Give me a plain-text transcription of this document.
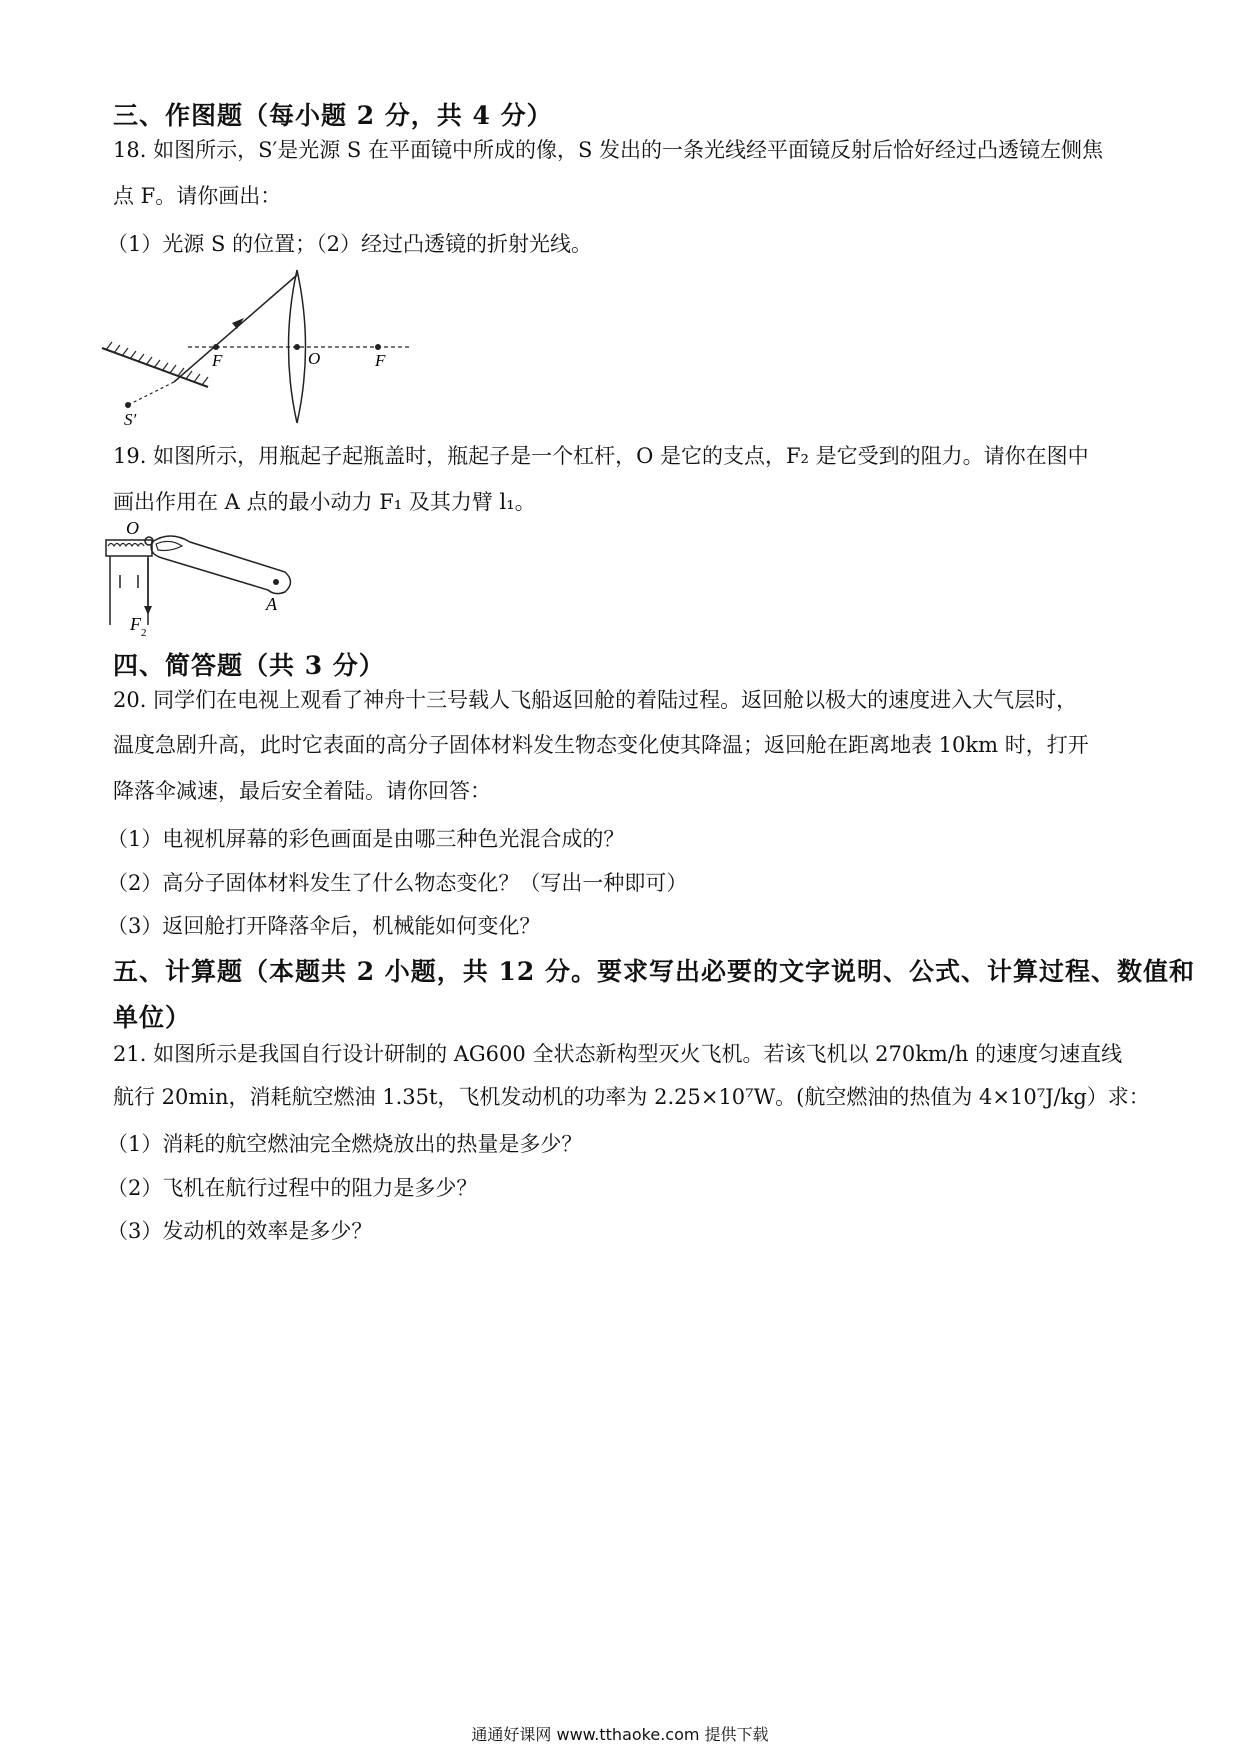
三、作图题（每小题 2 分，共 4 分）
18. 如图所示，S′是光源 S 在平面镜中所成的像，S 发出的一条光线经平面镜反射后恰好经过凸透镜左侧焦
点 F。请你画出：
（1）光源 S 的位置；（2）经过凸透镜的折射光线。
F	O	F
S′
19. 如图所示，用瓶起子起瓶盖时，瓶起子是一个杠杆，O 是它的支点，F₂ 是它受到的阻力。请你在图中
画出作用在 A 点的最小动力 F₁ 及其力臂 l₁。
O
A
F 2
四、简答题（共 3 分）
20. 同学们在电视上观看了神舟十三号载人飞船返回舱的着陆过程。返回舱以极大的速度进入大气层时，
温度急剧升高，此时它表面的高分子固体材料发生物态变化使其降温；返回舱在距离地表 10km 时，打开
降落伞减速，最后安全着陆。请你回答：
（1）电视机屏幕的彩色画面是由哪三种色光混合成的？
（2）高分子固体材料发生了什么物态变化？（写出一种即可）
（3）返回舱打开降落伞后，机械能如何变化？
五、计算题（本题共 2 小题，共 12 分。要求写出必要的文字说明、公式、计算过程、数值和
单位）
21. 如图所示是我国自行设计研制的 AG600 全状态新构型灭火飞机。若该飞机以 270km/h 的速度匀速直线
航行 20min，消耗航空燃油 1.35t，飞机发动机的功率为 2.25×10⁷W。(航空燃油的热值为 4×10⁷J/kg）求：
（1）消耗的航空燃油完全燃烧放出的热量是多少？
（2）飞机在航行过程中的阻力是多少？
（3）发动机的效率是多少？
通通好课网 www.tthaoke.com 提供下载
